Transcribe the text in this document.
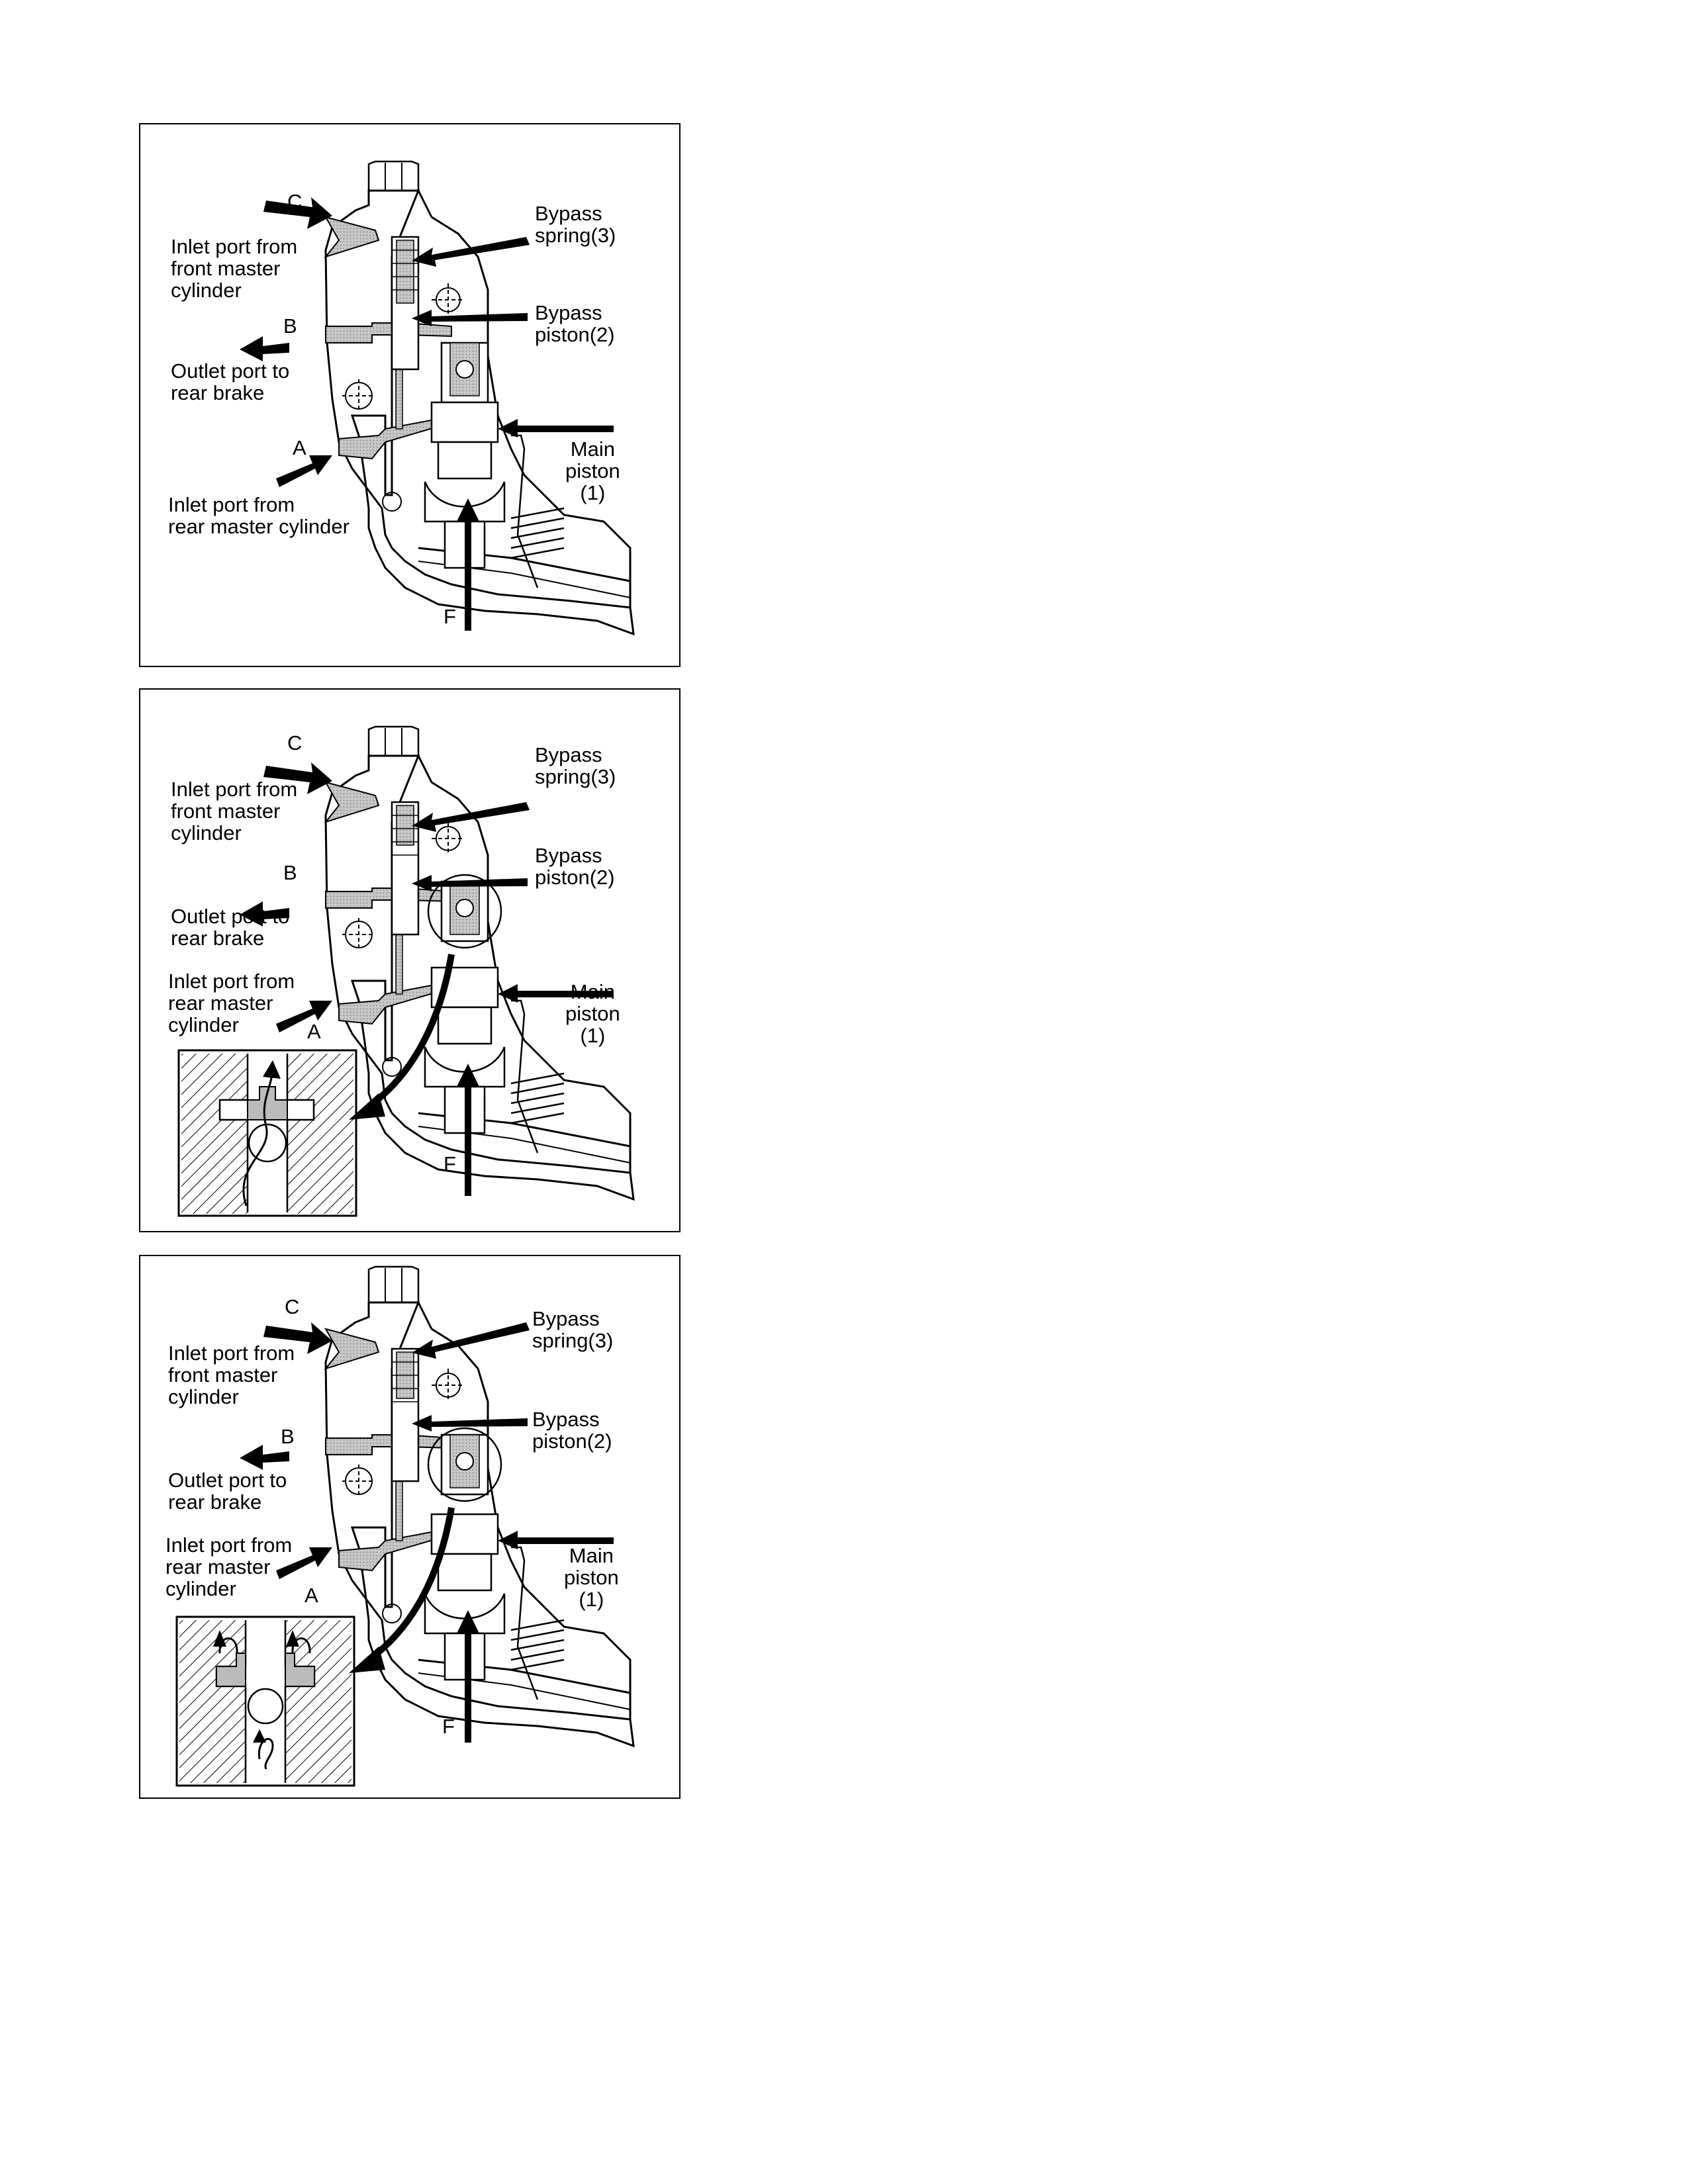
C
B
A
F
Inlet port from
front master
cylinder
Outlet port to
rear brake
Inlet port from
rear master cylinder
Bypass
spring(3)
Bypass
piston(2)
Main
piston
(1)
C
B
A
F
Inlet port from
front master
cylinder
Outlet port to
rear brake
Inlet port from
rear master
cylinder
Bypass
spring(3)
Bypass
piston(2)
Main
piston
(1)
C
B
A
F
Inlet port from
front master
cylinder
Outlet port to
rear brake
Inlet port from
rear master
cylinder
Bypass
spring(3)
Bypass
piston(2)
Main
piston
(1)
